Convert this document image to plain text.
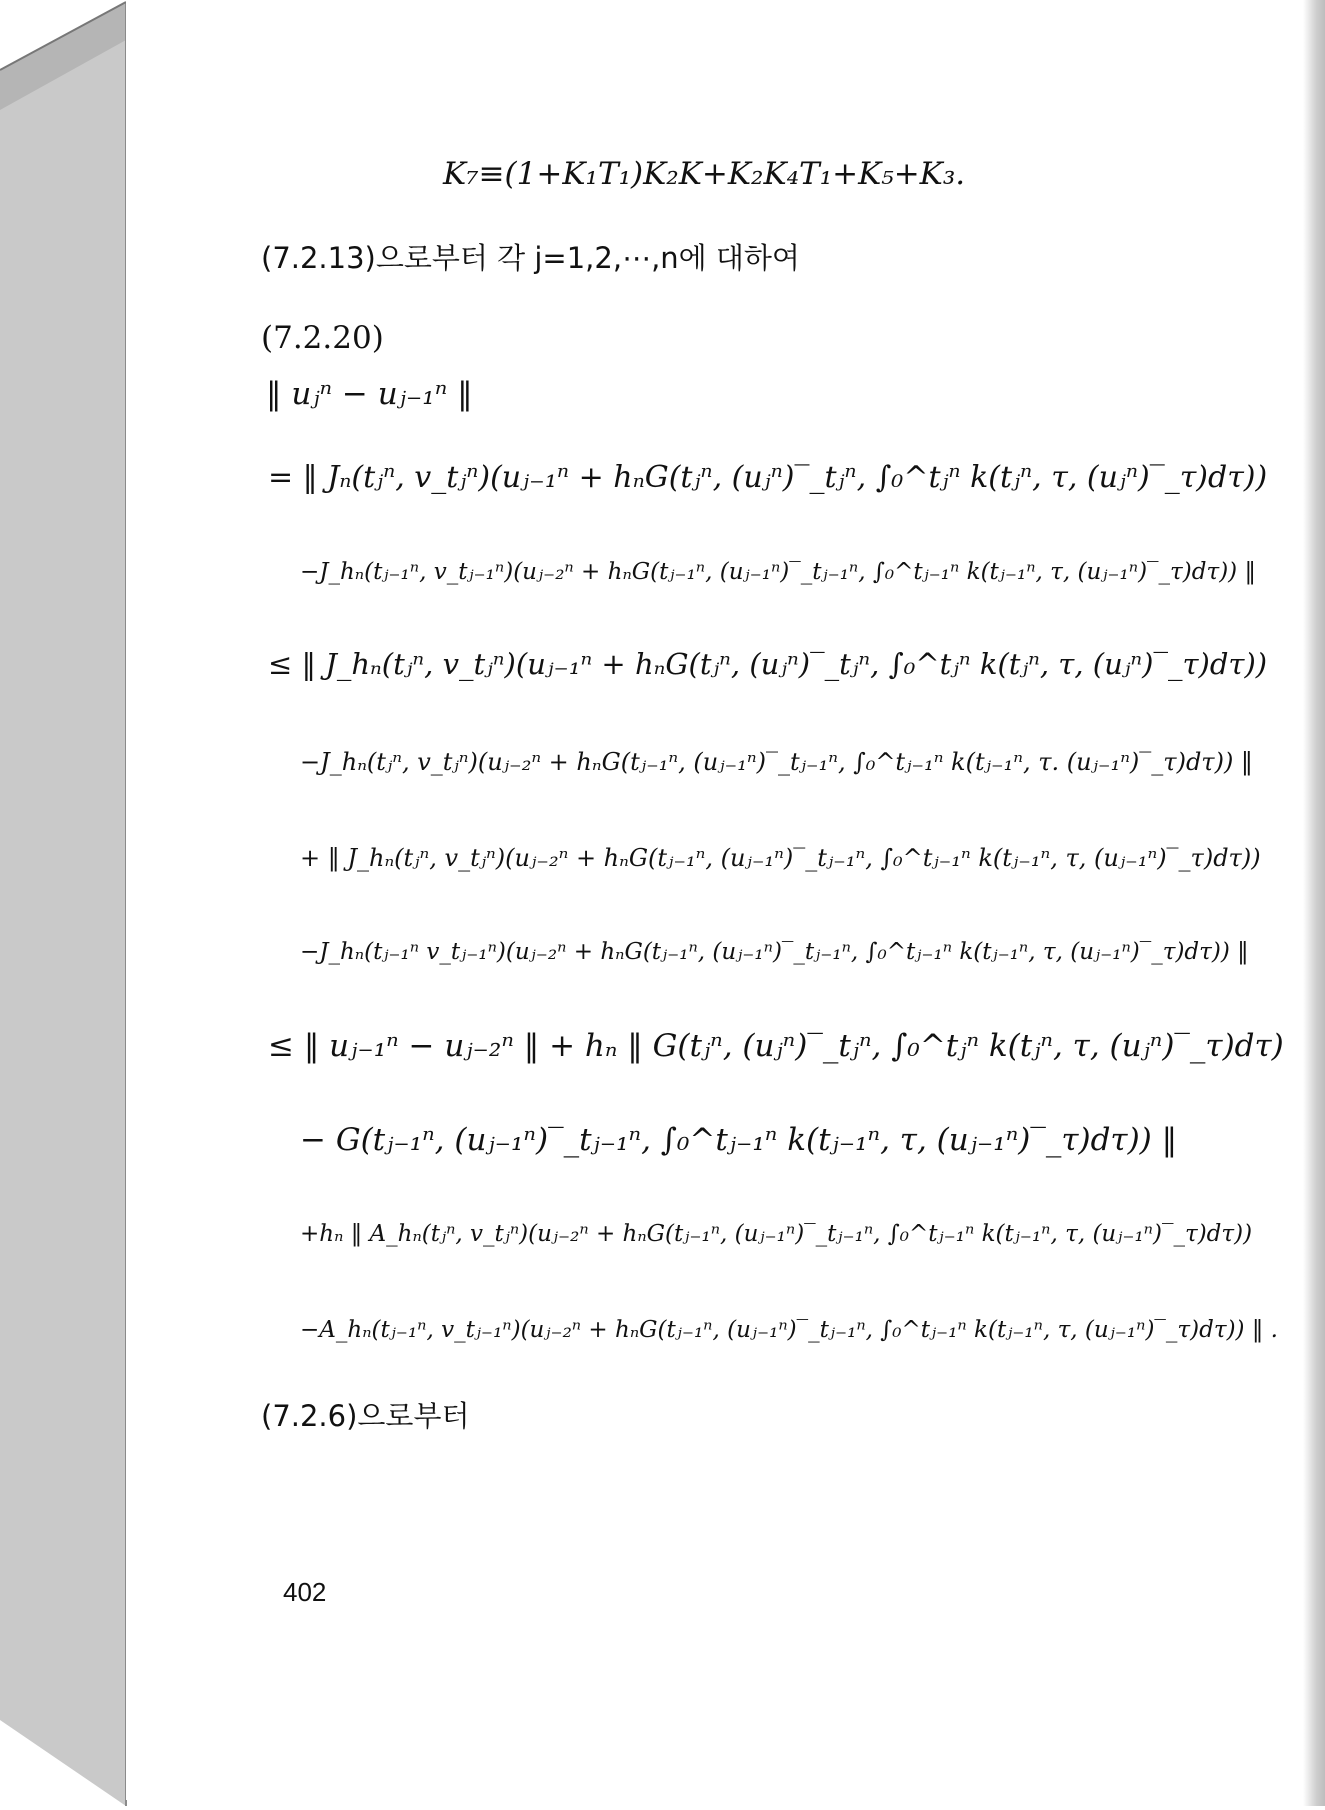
K₇≡(1+K₁T₁)K₂K+K₂K₄T₁+K₅+K₃.
(7.2.13)으로부터 각 j=1,2,⋯,n에 대하여
(7.2.20)
‖ uⱼⁿ − uⱼ₋₁ⁿ ‖
= ‖ Jₙ(tⱼⁿ, v_tⱼⁿ)(uⱼ₋₁ⁿ + hₙG(tⱼⁿ, (uⱼⁿ)‾_tⱼⁿ, ∫₀^tⱼⁿ k(tⱼⁿ, τ, (uⱼⁿ)‾_τ)dτ))
−J_hₙ(tⱼ₋₁ⁿ, v_tⱼ₋₁ⁿ)(uⱼ₋₂ⁿ + hₙG(tⱼ₋₁ⁿ, (uⱼ₋₁ⁿ)‾_tⱼ₋₁ⁿ, ∫₀^tⱼ₋₁ⁿ k(tⱼ₋₁ⁿ, τ, (uⱼ₋₁ⁿ)‾_τ)dτ)) ‖
≤ ‖ J_hₙ(tⱼⁿ, v_tⱼⁿ)(uⱼ₋₁ⁿ + hₙG(tⱼⁿ, (uⱼⁿ)‾_tⱼⁿ, ∫₀^tⱼⁿ k(tⱼⁿ, τ, (uⱼⁿ)‾_τ)dτ))
−J_hₙ(tⱼⁿ, v_tⱼⁿ)(uⱼ₋₂ⁿ + hₙG(tⱼ₋₁ⁿ, (uⱼ₋₁ⁿ)‾_tⱼ₋₁ⁿ, ∫₀^tⱼ₋₁ⁿ k(tⱼ₋₁ⁿ, τ. (uⱼ₋₁ⁿ)‾_τ)dτ)) ‖
+ ‖ J_hₙ(tⱼⁿ, v_tⱼⁿ)(uⱼ₋₂ⁿ + hₙG(tⱼ₋₁ⁿ, (uⱼ₋₁ⁿ)‾_tⱼ₋₁ⁿ, ∫₀^tⱼ₋₁ⁿ k(tⱼ₋₁ⁿ, τ, (uⱼ₋₁ⁿ)‾_τ)dτ))
−J_hₙ(tⱼ₋₁ⁿ v_tⱼ₋₁ⁿ)(uⱼ₋₂ⁿ + hₙG(tⱼ₋₁ⁿ, (uⱼ₋₁ⁿ)‾_tⱼ₋₁ⁿ, ∫₀^tⱼ₋₁ⁿ k(tⱼ₋₁ⁿ, τ, (uⱼ₋₁ⁿ)‾_τ)dτ)) ‖
≤ ‖ uⱼ₋₁ⁿ − uⱼ₋₂ⁿ ‖ + hₙ ‖ G(tⱼⁿ, (uⱼⁿ)‾_tⱼⁿ, ∫₀^tⱼⁿ k(tⱼⁿ, τ, (uⱼⁿ)‾_τ)dτ)
− G(tⱼ₋₁ⁿ, (uⱼ₋₁ⁿ)‾_tⱼ₋₁ⁿ, ∫₀^tⱼ₋₁ⁿ k(tⱼ₋₁ⁿ, τ, (uⱼ₋₁ⁿ)‾_τ)dτ)) ‖
+hₙ ‖ A_hₙ(tⱼⁿ, v_tⱼⁿ)(uⱼ₋₂ⁿ + hₙG(tⱼ₋₁ⁿ, (uⱼ₋₁ⁿ)‾_tⱼ₋₁ⁿ, ∫₀^tⱼ₋₁ⁿ k(tⱼ₋₁ⁿ, τ, (uⱼ₋₁ⁿ)‾_τ)dτ))
−A_hₙ(tⱼ₋₁ⁿ, v_tⱼ₋₁ⁿ)(uⱼ₋₂ⁿ + hₙG(tⱼ₋₁ⁿ, (uⱼ₋₁ⁿ)‾_tⱼ₋₁ⁿ, ∫₀^tⱼ₋₁ⁿ k(tⱼ₋₁ⁿ, τ, (uⱼ₋₁ⁿ)‾_τ)dτ)) ‖ .
(7.2.6)으로부터
402
